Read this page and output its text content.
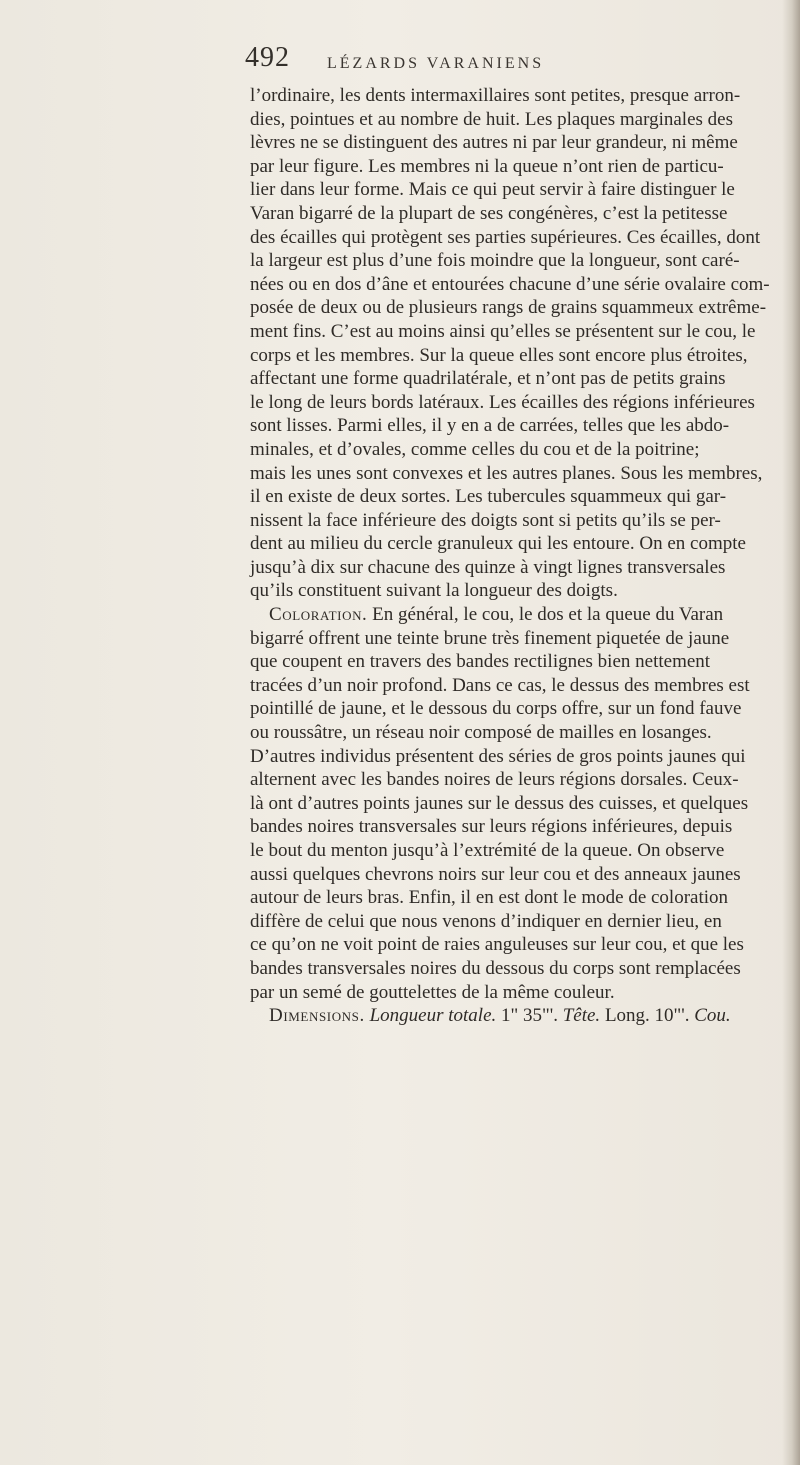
492 LÉZARDS VARANIENS
l’ordinaire, les dents intermaxillaires sont petites, presque arron-
dies, pointues et au nombre de huit. Les plaques marginales des
lèvres ne se distinguent des autres ni par leur grandeur, ni même
par leur figure. Les membres ni la queue n’ont rien de particu-
lier dans leur forme. Mais ce qui peut servir à faire distinguer le
Varan bigarré de la plupart de ses congénères, c’est la petitesse
des écailles qui protègent ses parties supérieures. Ces écailles, dont
la largeur est plus d’une fois moindre que la longueur, sont caré-
nées ou en dos d’âne et entourées chacune d’une série ovalaire com-
posée de deux ou de plusieurs rangs de grains squammeux extrême-
ment fins. C’est au moins ainsi qu’elles se présentent sur le cou, le
corps et les membres. Sur la queue elles sont encore plus étroites,
affectant une forme quadrilatérale, et n’ont pas de petits grains
le long de leurs bords latéraux. Les écailles des régions inférieures
sont lisses. Parmi elles, il y en a de carrées, telles que les abdo-
minales, et d’ovales, comme celles du cou et de la poitrine;
mais les unes sont convexes et les autres planes. Sous les membres,
il en existe de deux sortes. Les tubercules squammeux qui gar-
nissent la face inférieure des doigts sont si petits qu’ils se per-
dent au milieu du cercle granuleux qui les entoure. On en compte
jusqu’à dix sur chacune des quinze à vingt lignes transversales
qu’ils constituent suivant la longueur des doigts.
Coloration. En général, le cou, le dos et la queue du Varan
bigarré offrent une teinte brune très finement piquetée de jaune
que coupent en travers des bandes rectilignes bien nettement
tracées d’un noir profond. Dans ce cas, le dessus des membres est
pointillé de jaune, et le dessous du corps offre, sur un fond fauve
ou roussâtre, un réseau noir composé de mailles en losanges.
D’autres individus présentent des séries de gros points jaunes qui
alternent avec les bandes noires de leurs régions dorsales. Ceux-
là ont d’autres points jaunes sur le dessus des cuisses, et quelques
bandes noires transversales sur leurs régions inférieures, depuis
le bout du menton jusqu’à l’extrémité de la queue. On observe
aussi quelques chevrons noirs sur leur cou et des anneaux jaunes
autour de leurs bras. Enfin, il en est dont le mode de coloration
diffère de celui que nous venons d’indiquer en dernier lieu, en
ce qu’on ne voit point de raies anguleuses sur leur cou, et que les
bandes transversales noires du dessous du corps sont remplacées
par un semé de gouttelettes de la même couleur.
Dimensions. Longueur totale. 1" 35"'. Tête. Long. 10"'. Cou.
